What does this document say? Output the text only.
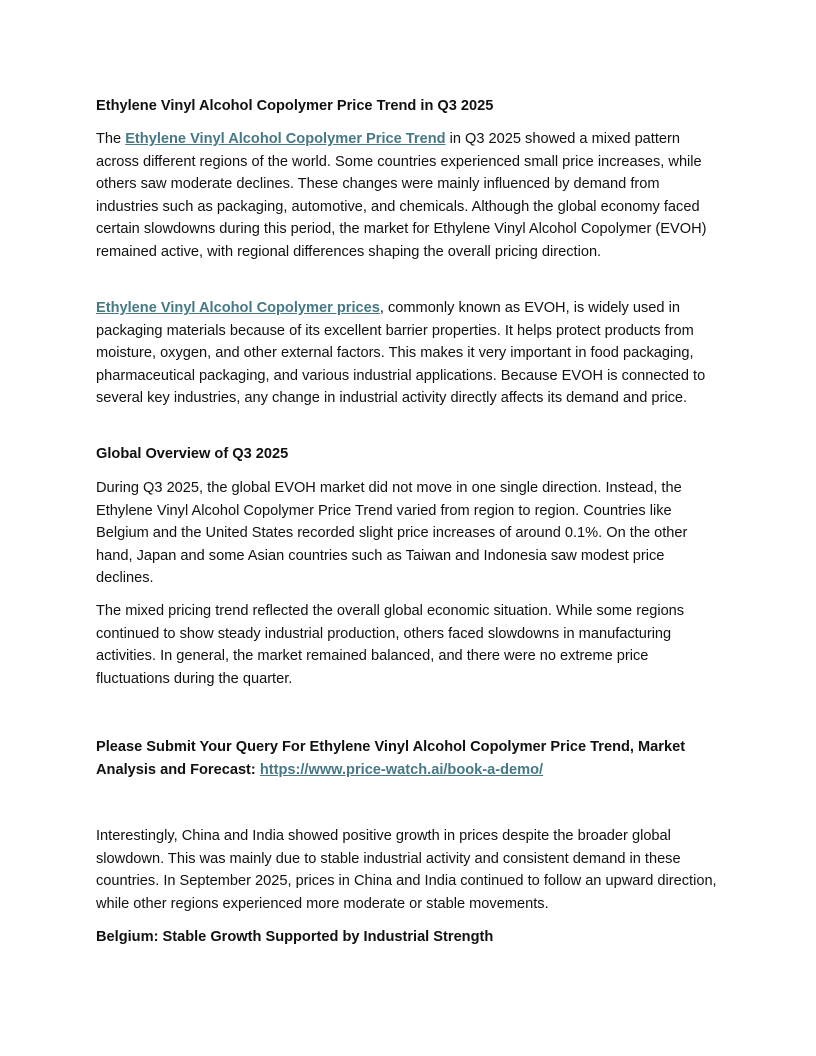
Ethylene Vinyl Alcohol Copolymer Price Trend in Q3 2025

The Ethylene Vinyl Alcohol Copolymer Price Trend in Q3 2025 showed a mixed pattern across different regions of the world. Some countries experienced small price increases, while others saw moderate declines. These changes were mainly influenced by demand from industries such as packaging, automotive, and chemicals. Although the global economy faced certain slowdowns during this period, the market for Ethylene Vinyl Alcohol Copolymer (EVOH) remained active, with regional differences shaping the overall pricing direction.

Ethylene Vinyl Alcohol Copolymer prices, commonly known as EVOH, is widely used in packaging materials because of its excellent barrier properties. It helps protect products from moisture, oxygen, and other external factors. This makes it very important in food packaging, pharmaceutical packaging, and various industrial applications. Because EVOH is connected to several key industries, any change in industrial activity directly affects its demand and price.

Global Overview of Q3 2025

During Q3 2025, the global EVOH market did not move in one single direction. Instead, the Ethylene Vinyl Alcohol Copolymer Price Trend varied from region to region. Countries like Belgium and the United States recorded slight price increases of around 0.1%. On the other hand, Japan and some Asian countries such as Taiwan and Indonesia saw modest price declines.

The mixed pricing trend reflected the overall global economic situation. While some regions continued to show steady industrial production, others faced slowdowns in manufacturing activities. In general, the market remained balanced, and there were no extreme price fluctuations during the quarter.

Please Submit Your Query For Ethylene Vinyl Alcohol Copolymer Price Trend, Market Analysis and Forecast: https://www.price-watch.ai/book-a-demo/

Interestingly, China and India showed positive growth in prices despite the broader global slowdown. This was mainly due to stable industrial activity and consistent demand in these countries. In September 2025, prices in China and India continued to follow an upward direction, while other regions experienced more moderate or stable movements.

Belgium: Stable Growth Supported by Industrial Strength
